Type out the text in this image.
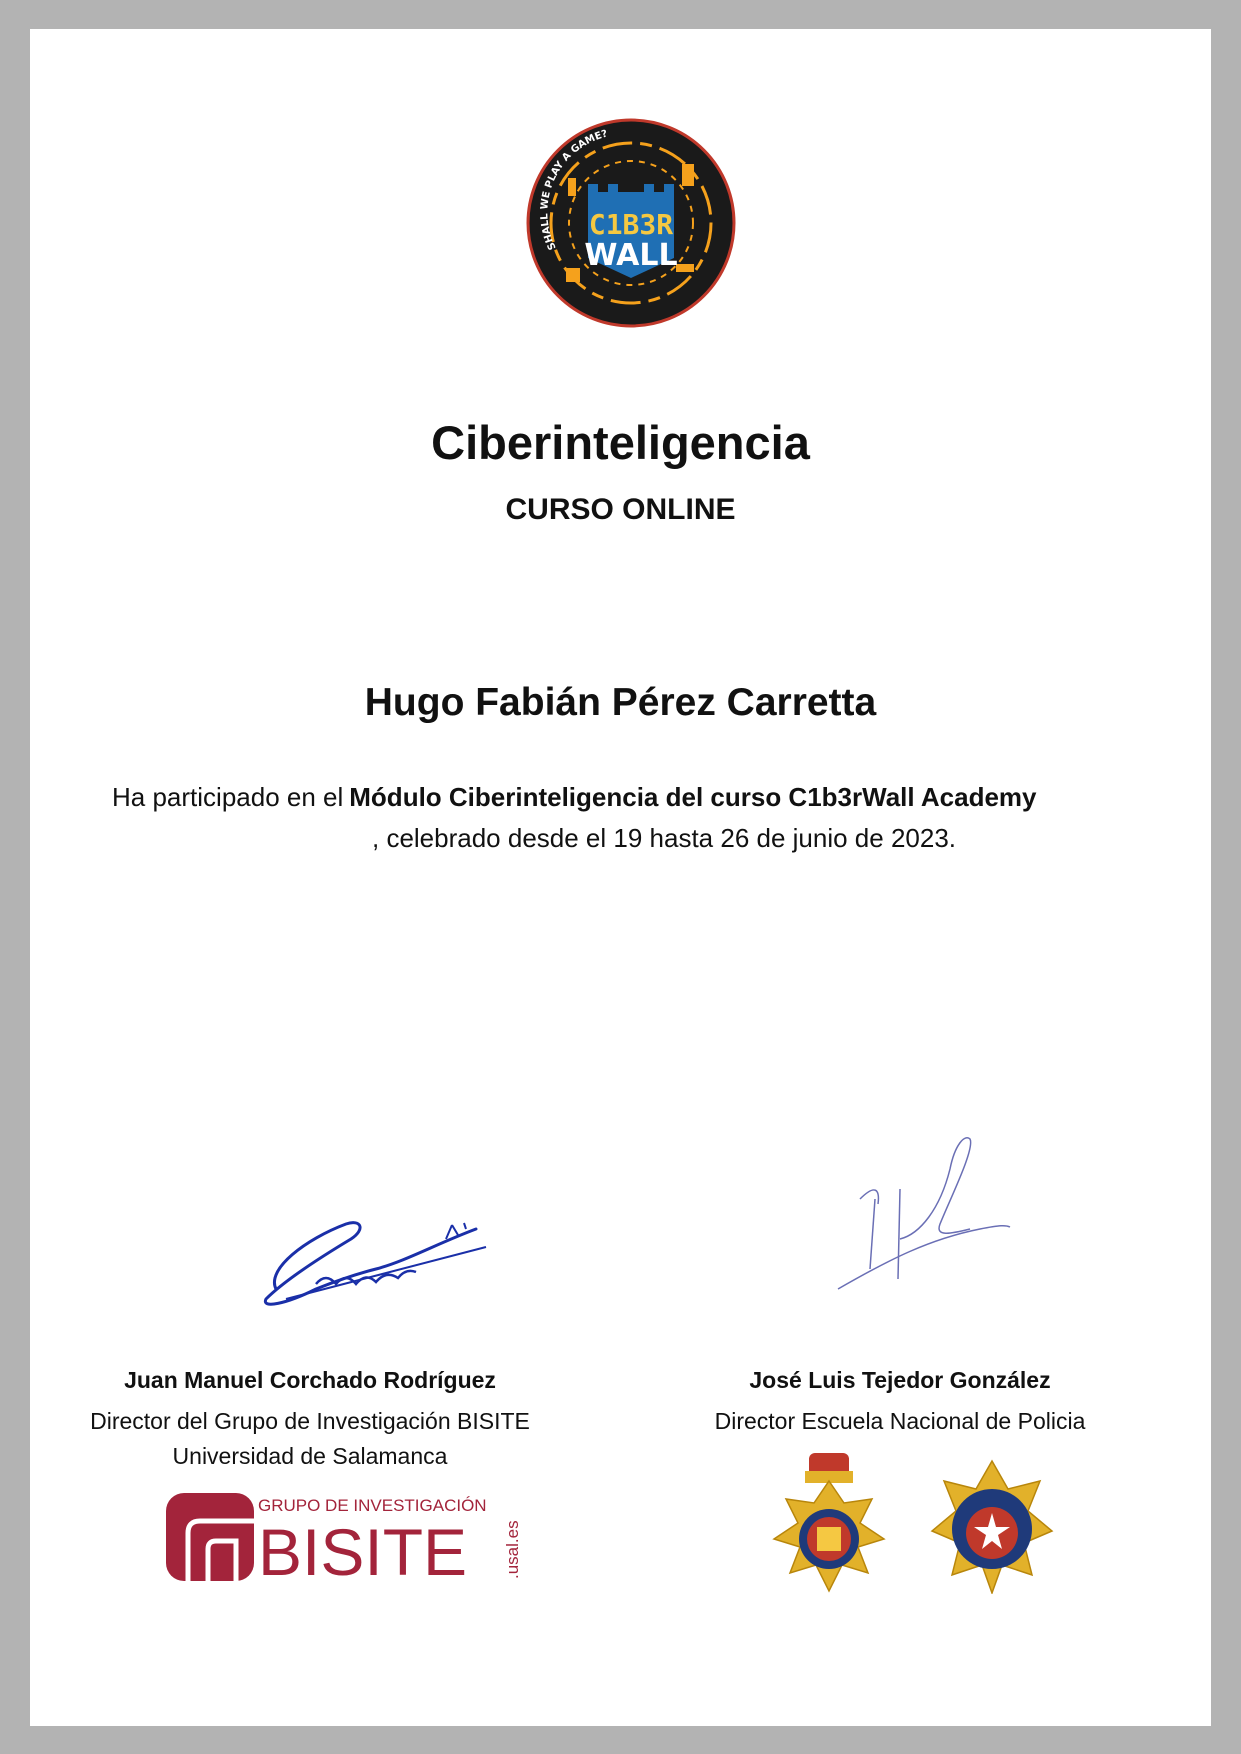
SHALL WE PLAY A GAME?
C1B3R
WALL
Ciberinteligencia
CURSO ONLINE
Hugo Fabián Pérez Carretta
Ha participado en el Módulo Ciberinteligencia del curso C1b3rWall Academy
, celebrado desde el 19 hasta 26 de junio de 2023.
Juan Manuel Corchado Rodríguez
Director del Grupo de Investigación BISITE
Universidad de Salamanca
José Luis Tejedor González
Director Escuela Nacional de Policia
GRUPO DE INVESTIGACIÓN
BISITE .usal.es
